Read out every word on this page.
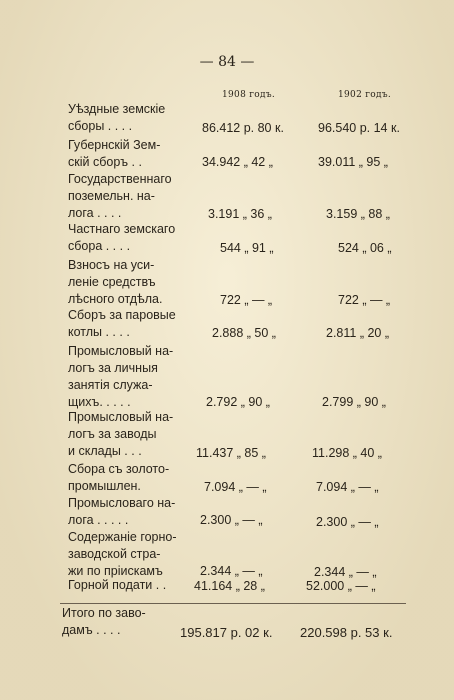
— 84 —
1908 годъ.	1902 годъ.
Уѣздные земскіе
сборы . . . .	86.412 р. 80 к.	96.540 р. 14 к.
Губернскій Зем-
скій сборъ . .	34.942 „ 42 „	39.011 „ 95 „
Государственнаго
поземельн. на-
лога . . . .	3.191 „ 36 „	3.159 „ 88 „
Частнаго земскаго
сбора . . . .	544 „ 91 „	524 „ 06 „
Взносъ на уси-
леніе средствъ
лѣсного отдѣла.	722 „ — „	722 „ — „
Сборъ за паровые
котлы . . . .	2.888 „ 50 „	2.811 „ 20 „
Промысловый на-
логъ за личныя
занятія служа-
щихъ. . . . .	2.792 „ 90 „	2.799 „ 90 „
Промысловый на-
логъ за заводы
и склады . . .	11.437 „ 85 „	11.298 „ 40 „
Сбора съ золото-
промышлен.	7.094 „ — „	7.094 „ — „
Промысловаго на-
лога . . . . .	2.300 „ — „	2.300 „ — „
Содержаніе горно-
заводской стра-
жи по пріискамъ	2.344 „ — „	2.344 „ — „
Горной подати . .	41.164 „ 28 „	52.000 „ — „
Итого по заво-
дамъ . . . .	195.817 р. 02 к. 220.598 р. 53 к.
